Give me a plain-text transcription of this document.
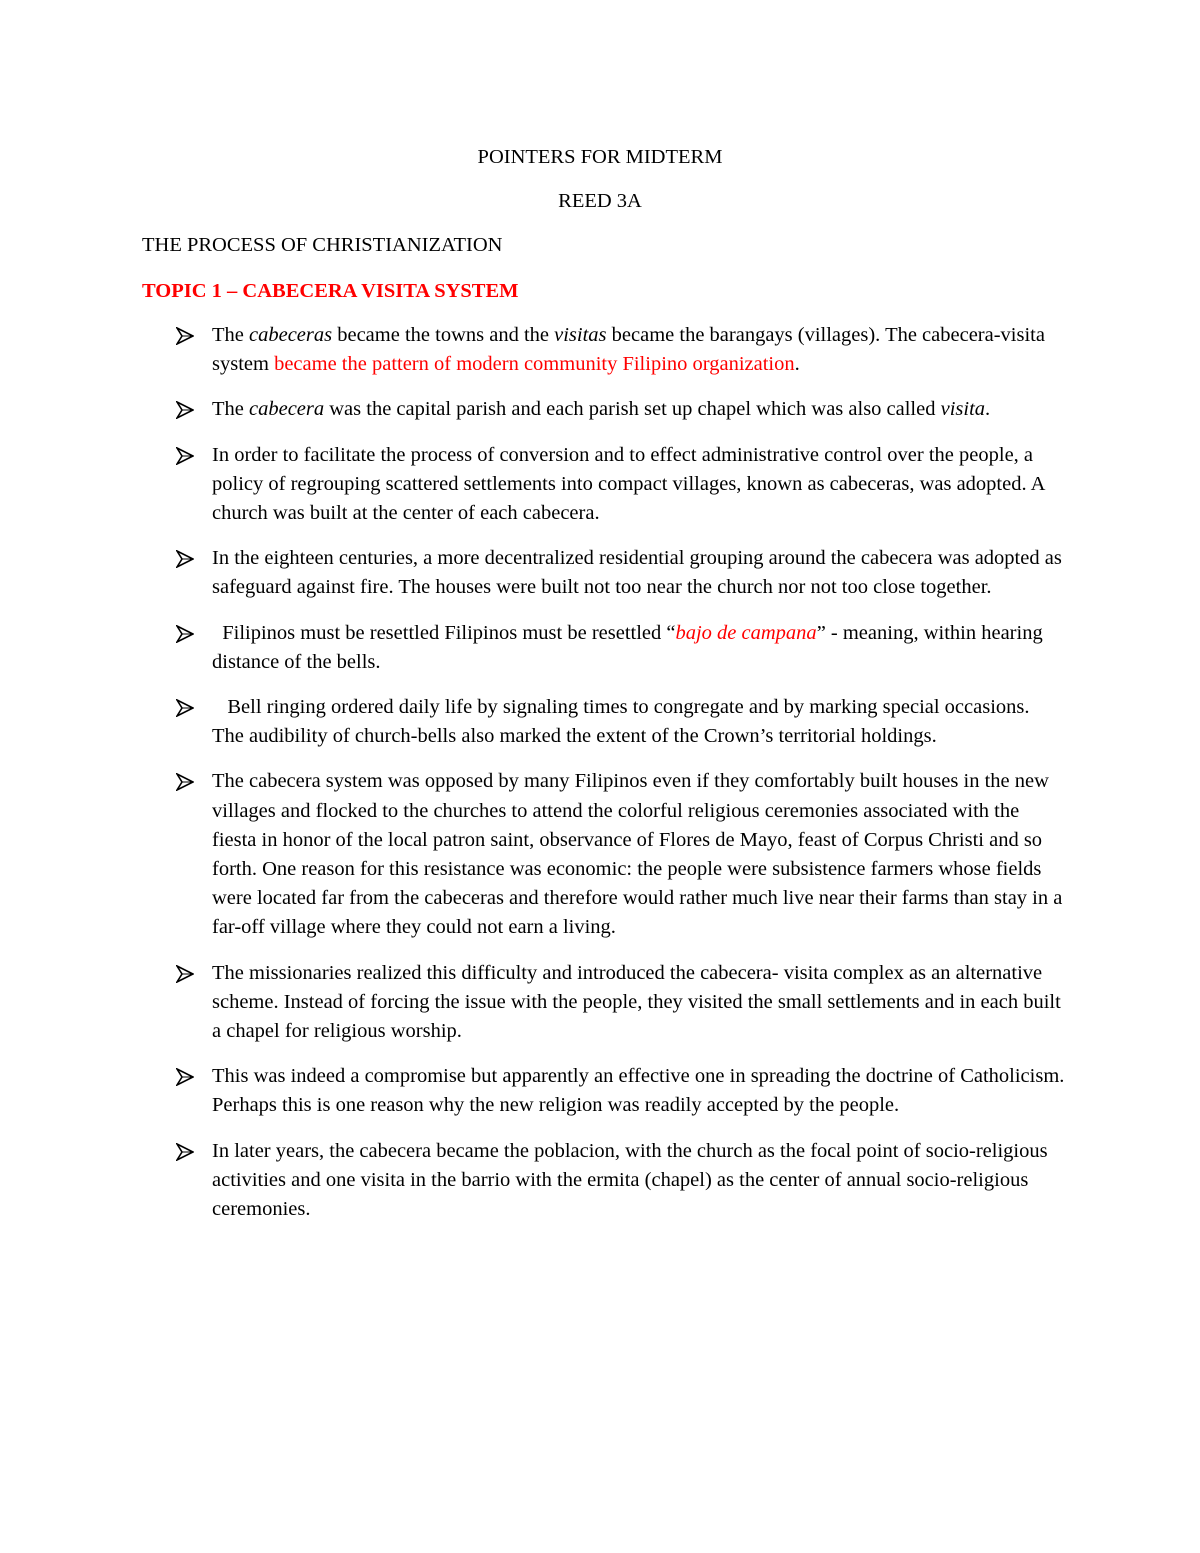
POINTERS FOR MIDTERM
REED 3A
THE PROCESS OF CHRISTIANIZATION
TOPIC 1 – CABECERA VISITA SYSTEM
The cabeceras became the towns and the visitas became the barangays (villages). The cabecera-visita system became the pattern of modern community Filipino organization.
The cabecera was the capital parish and each parish set up chapel which was also called visita.
In order to facilitate the process of conversion and to effect administrative control over the people, a policy of regrouping scattered settlements into compact villages, known as cabeceras, was adopted. A church was built at the center of each cabecera.
In the eighteen centuries, a more decentralized residential grouping around the cabecera was adopted as safeguard against fire. The houses were built not too near the church nor not too close together.
Filipinos must be resettled Filipinos must be resettled “bajo de campana” - meaning, within hearing distance of the bells.
Bell ringing ordered daily life by signaling times to congregate and by marking special occasions. The audibility of church-bells also marked the extent of the Crown’s territorial holdings.
The cabecera system was opposed by many Filipinos even if they comfortably built houses in the new villages and flocked to the churches to attend the colorful religious ceremonies associated with the fiesta in honor of the local patron saint, observance of Flores de Mayo, feast of Corpus Christi and so forth. One reason for this resistance was economic: the people were subsistence farmers whose fields were located far from the cabeceras and therefore would rather much live near their farms than stay in a far-off village where they could not earn a living.
The missionaries realized this difficulty and introduced the cabecera- visita complex as an alternative scheme. Instead of forcing the issue with the people, they visited the small settlements and in each built a chapel for religious worship.
This was indeed a compromise but apparently an effective one in spreading the doctrine of Catholicism. Perhaps this is one reason why the new religion was readily accepted by the people.
In later years, the cabecera became the poblacion, with the church as the focal point of socio-religious activities and one visita in the barrio with the ermita (chapel) as the center of annual socio-religious ceremonies.
